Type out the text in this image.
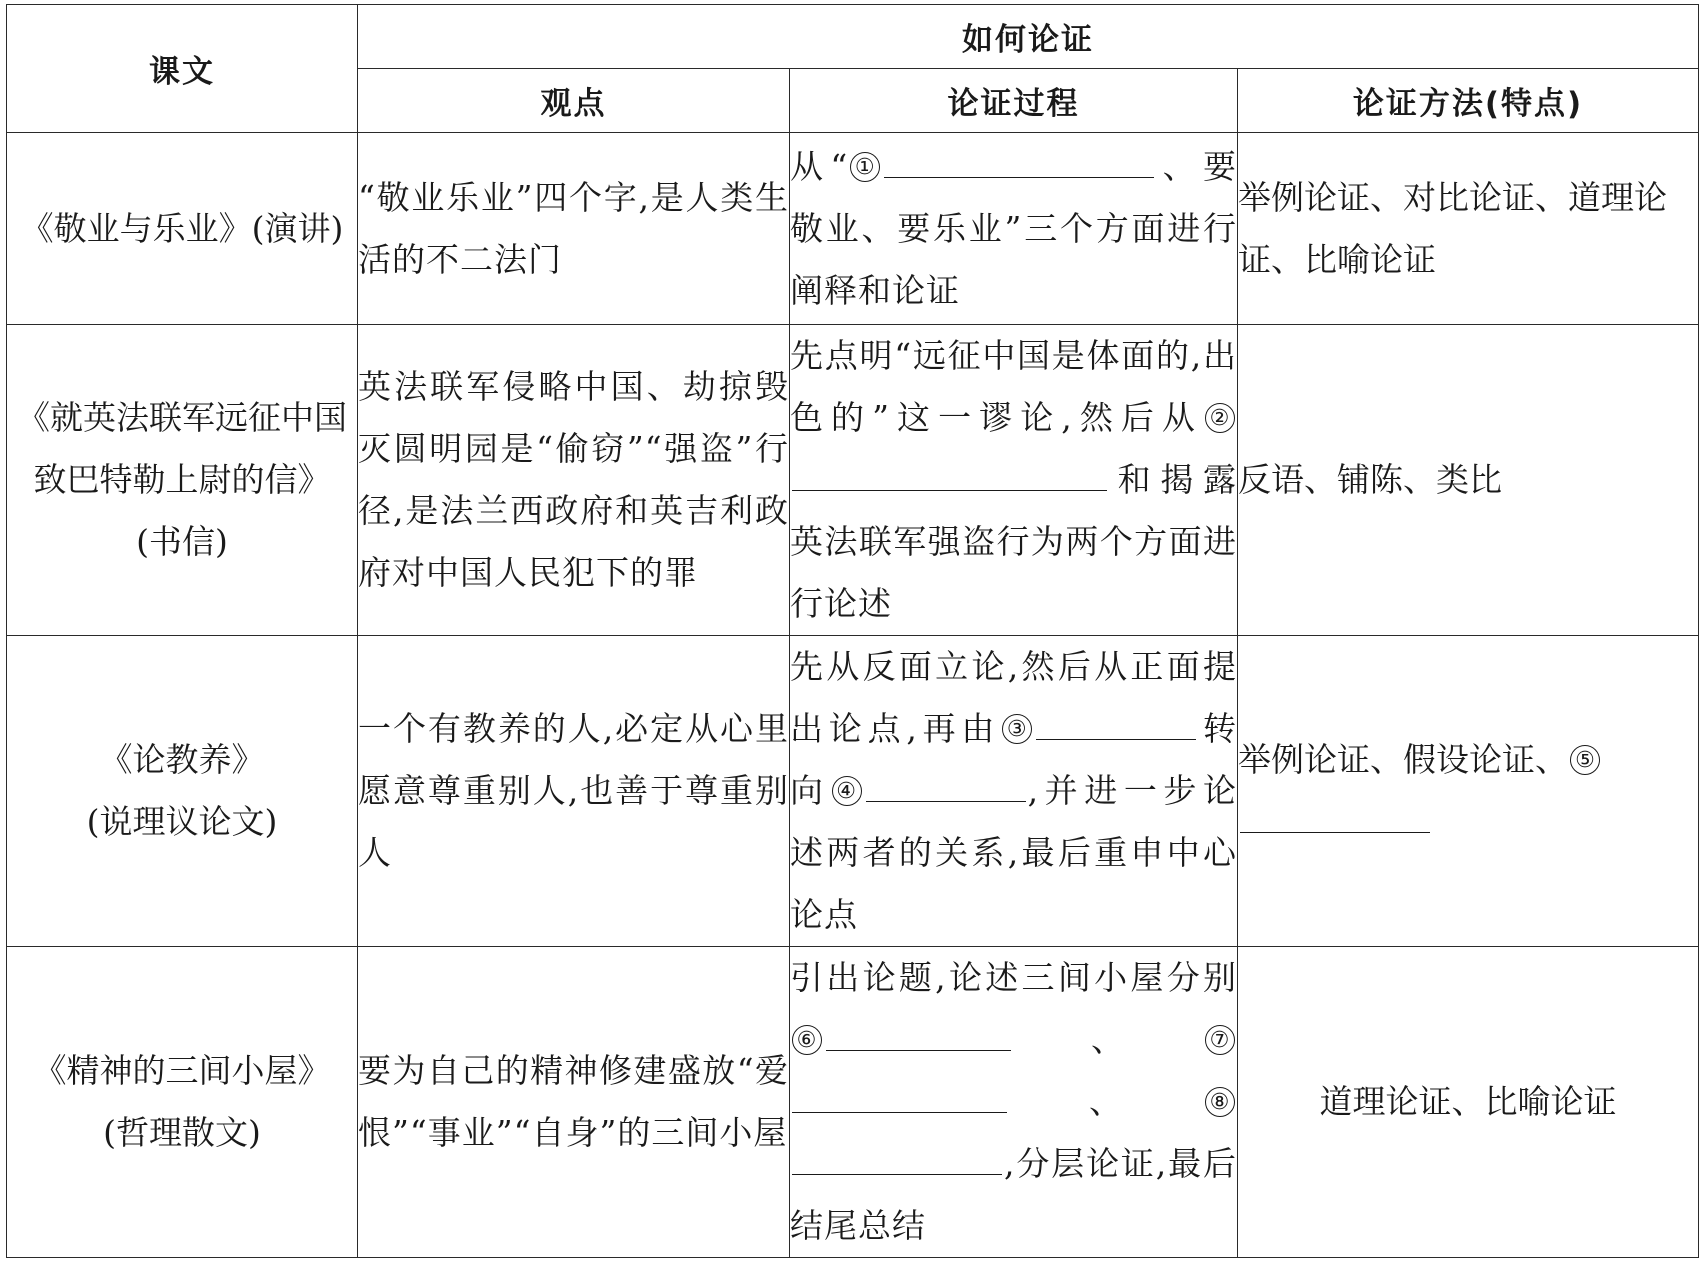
课文	如何论证		
	观点	论证过程	论证方法(特点)

《敬业与乐业》(演讲)	“敬业乐业”四个字,是人类生活的不二法门	从“ ① 、要敬业、要乐业”三个方面进行阐释和论证	举例论证、对比论证、道理论证、比喻论证

《就英法联军远征中国
致巴特勒上尉的信》
(书信)	英法联军侵略中国、劫掠毁灭圆明园是“偷窃”“强盗”行径,是法兰西政府和英吉利政府对中国人民犯下的罪	先点明“远征中国是体面的,出色的”这一谬论,然后从 ②和揭露英法联军强盗行为两个方面进行论述	反语、铺陈、类比

《论教养》
(说理议论文)	一个有教养的人,必定从心里愿意尊重别人,也善于尊重别人	先从反面立论,然后从正面提出论点,再由 ③ 转向 ④ ,并进一步论述两者的关系,最后重申中心论点	举例论证、假设论证、 ⑤

《精神的三间小屋》
(哲理散文)	要为自己的精神修建盛放“爱恨”“事业”“自身”的三间小屋	引出论题,论述三间小屋分别⑥ 、 ⑦、 ⑧,分层论证,最后结尾总结	道理论证、比喻论证
